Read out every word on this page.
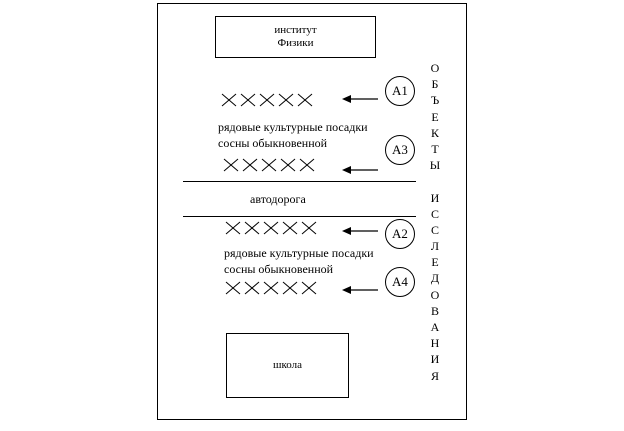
институт
Физики
рядовые культурные посадки
сосны обыкновенной
рядовые культурные посадки
сосны обыкновенной
автодорога
А1
А3
А2
А4
школа
О
Б
Ъ
Е
К
Т
Ы
И
С
С
Л
Е
Д
О
В
А
Н
И
Я
